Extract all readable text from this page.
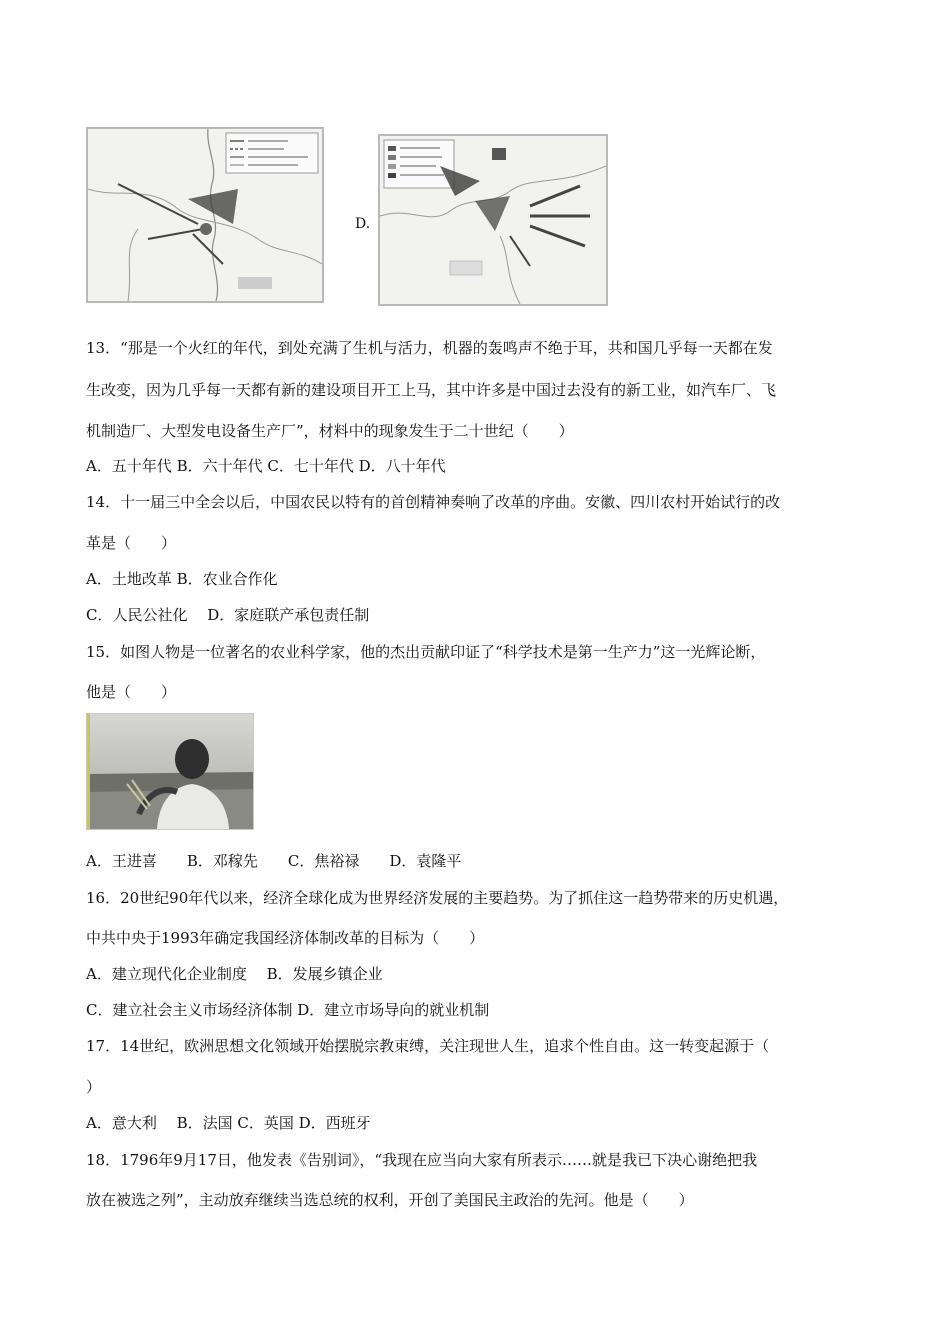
D.
13．“那是一个火红的年代，到处充满了生机与活力，机器的轰鸣声不绝于耳，共和国几乎每一天都在发
生改变，因为几乎每一天都有新的建设项目开工上马，其中许多是中国过去没有的新工业，如汽车厂、飞
机制造厂、大型发电设备生产厂”，材料中的现象发生于二十世纪（　　）
A．五十年代 B．六十年代 C．七十年代 D．八十年代
14．十一届三中全会以后，中国农民以特有的首创精神奏响了改革的序曲。安徽、四川农村开始试行的改
革是（　　）
A．土地改革 B．农业合作化
C．人民公社化　 D．家庭联产承包责任制
15．如图人物是一位著名的农业科学家，他的杰出贡献印证了“科学技术是第一生产力”这一光辉论断，
他是（　　）
A．王进喜　　B．邓稼先　　C．焦裕禄　　D．袁隆平
16．20世纪90年代以来，经济全球化成为世界经济发展的主要趋势。为了抓住这一趋势带来的历史机遇，
中共中央于1993年确定我国经济体制改革的目标为（　　）
A．建立现代化企业制度　 B．发展乡镇企业
C．建立社会主义市场经济体制 D．建立市场导向的就业机制
17．14世纪，欧洲思想文化领域开始摆脱宗教束缚，关注现世人生，追求个性自由。这一转变起源于（
）
A．意大利　 B．法国 C．英国 D．西班牙
18．1796年9月17日，他发表《告别词》，“我现在应当向大家有所表示……就是我已下决心谢绝把我
放在被选之列”，主动放弃继续当选总统的权利，开创了美国民主政治的先河。他是（　　）
